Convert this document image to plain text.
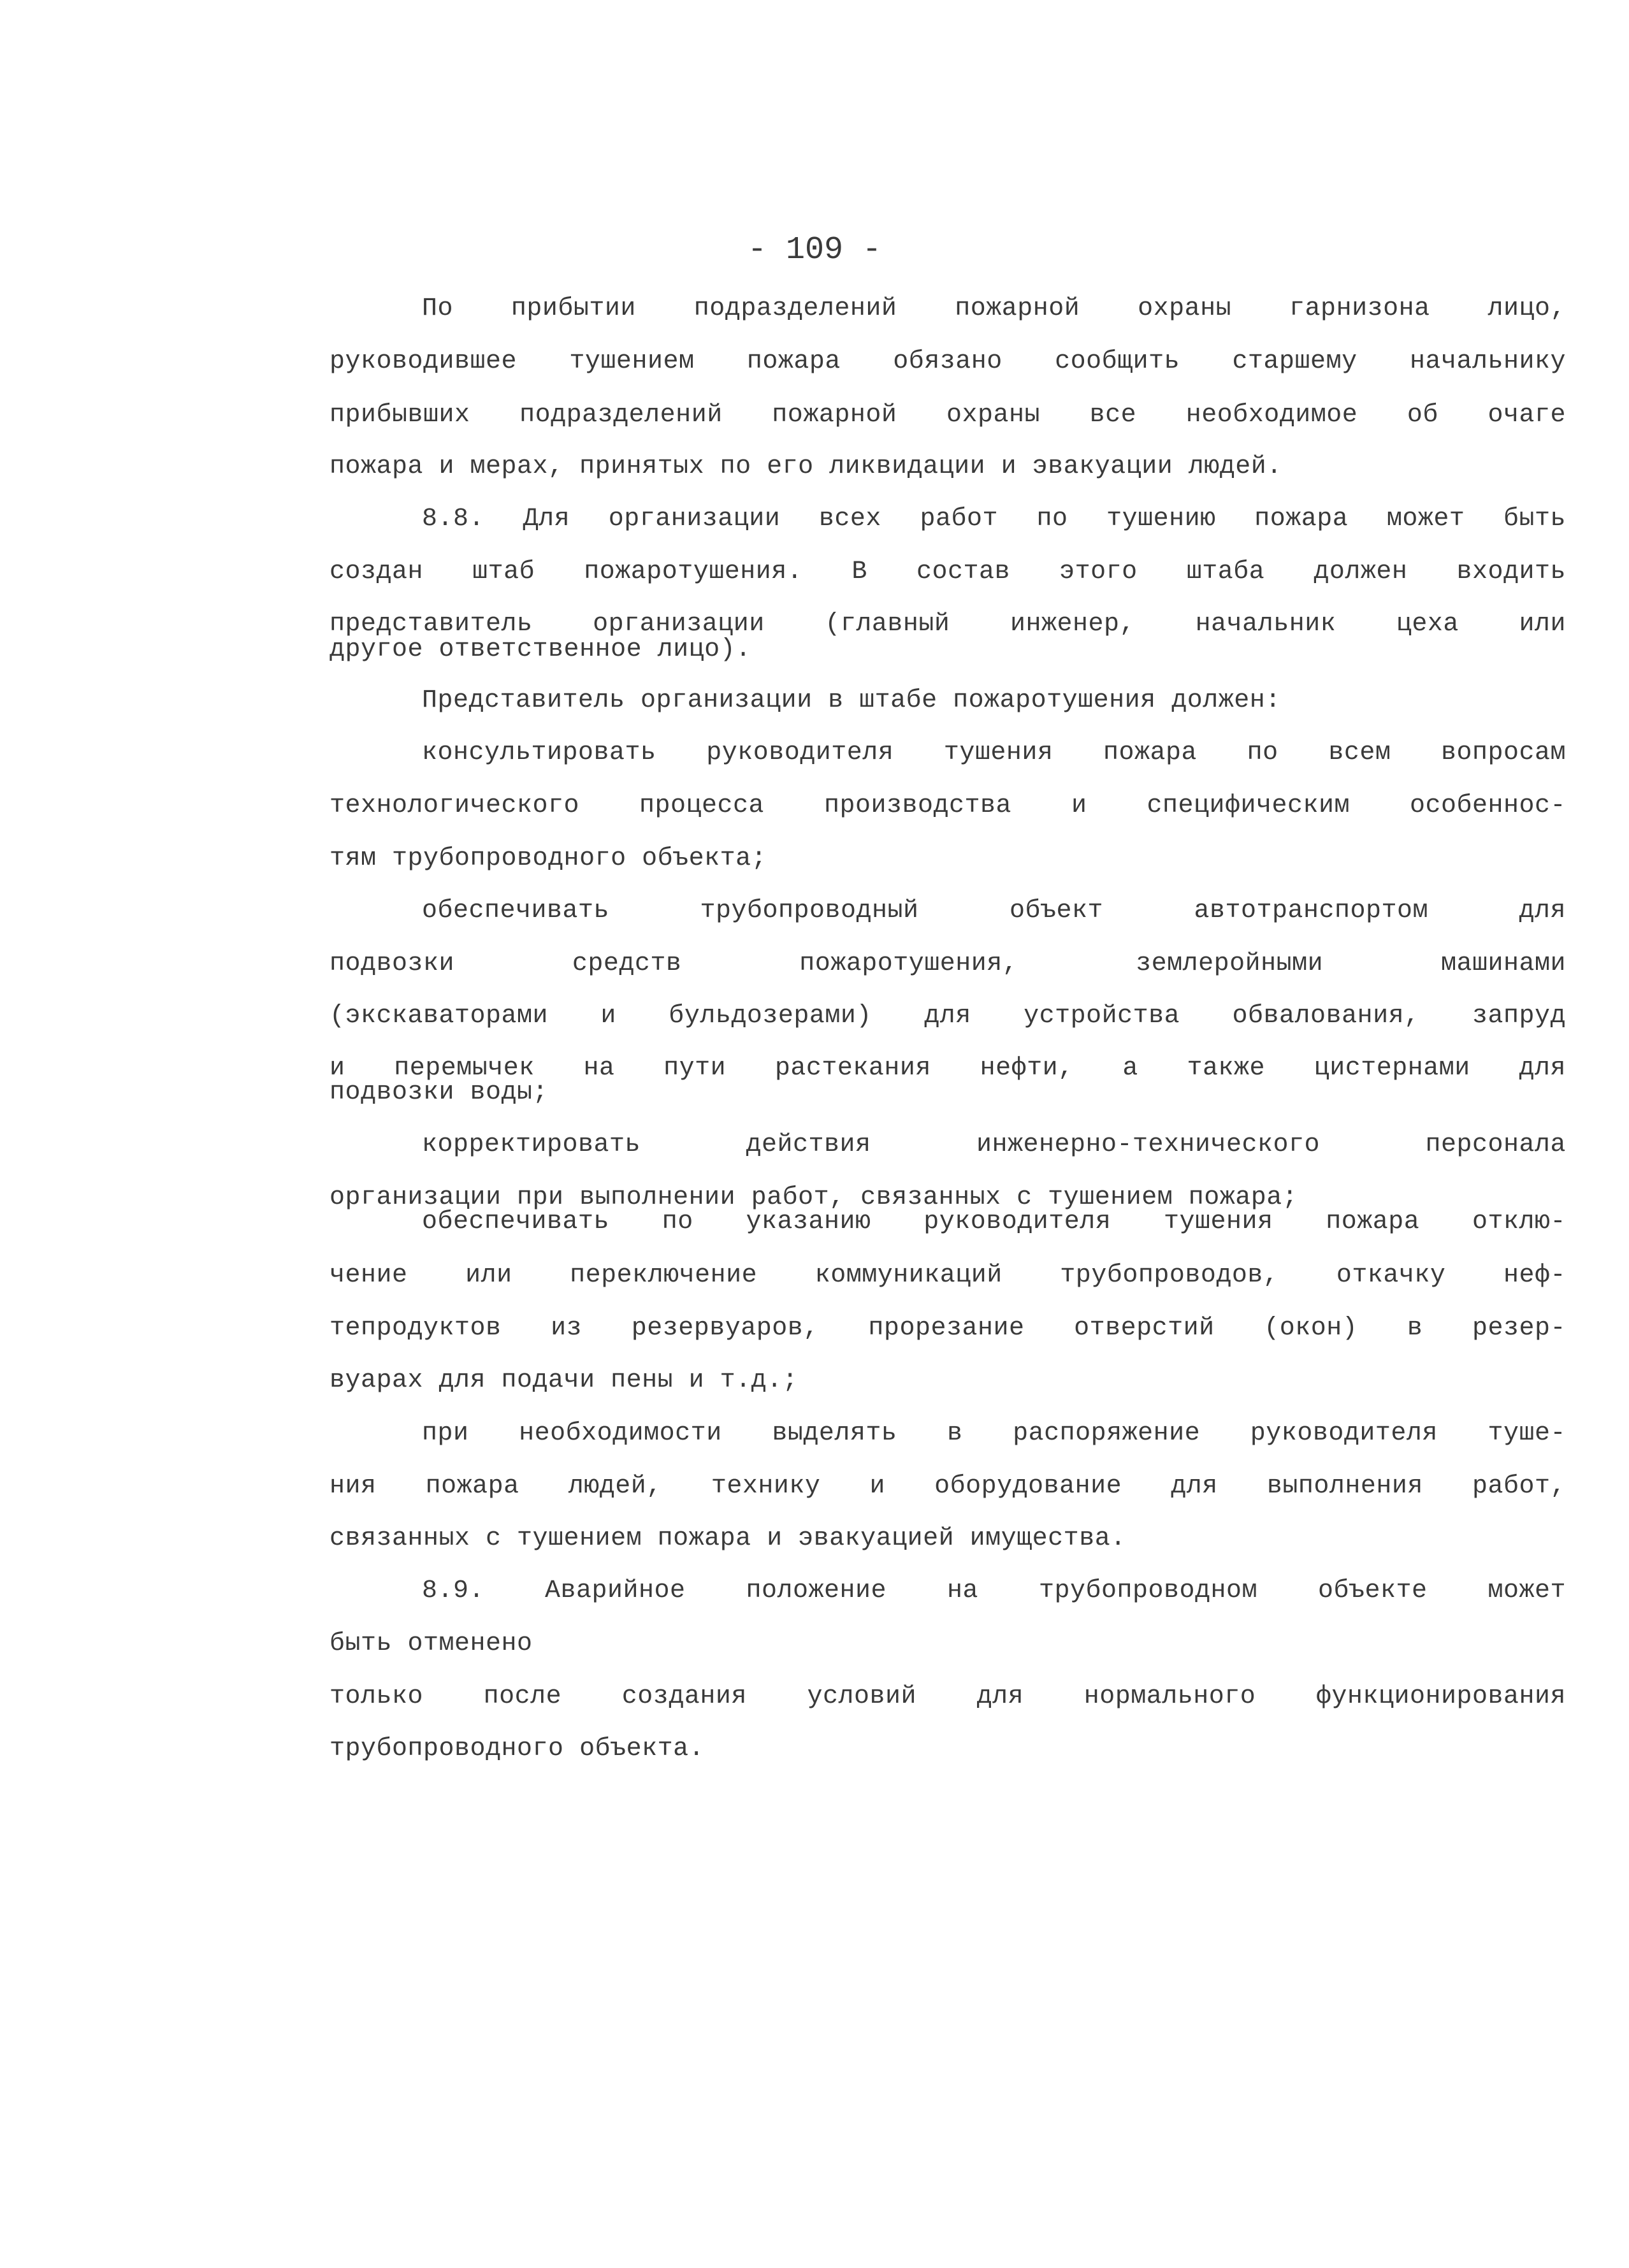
- 109 -
По прибытии подразделений пожарной охраны гарнизона лицо,
руководившее тушением пожара обязано сообщить старшему начальнику
прибывших подразделений пожарной охраны все необходимое об очаге
пожара и мерах, принятых по его ликвидации и эвакуации людей.
8.8. Для организации всех работ по тушению пожара может быть
создан штаб пожаротушения. В состав этого штаба должен входить
представитель организации (главный инженер, начальник цеха или
другое ответственное лицо).
Представитель организации в штабе пожаротушения должен:
консультировать руководителя тушения пожара по всем вопросам
технологического процесса производства и специфическим особеннос-
тям трубопроводного объекта;
обеспечивать трубопроводный объект автотранспортом для
подвозки средств пожаротушения, землеройными машинами
(экскаваторами и бульдозерами) для устройства обвалования, запруд
и перемычек на пути растекания нефти, а также цистернами для
подвозки воды;
корректировать действия инженерно-технического персонала
организации при выполнении работ, связанных с тушением пожара;
обеспечивать по указанию руководителя тушения пожара отклю-
чение или переключение коммуникаций трубопроводов, откачку неф-
тепродуктов из резервуаров, прорезание отверстий (окон) в резер-
вуарах для подачи пены и т.д.;
при необходимости выделять в распоряжение руководителя туше-
ния пожара людей, технику и оборудование для выполнения работ,
связанных с тушением пожара и эвакуацией имущества.
8.9. Аварийное положение на трубопроводном объекте может
быть отменено
только после создания условий для нормального функционирования
трубопроводного объекта.
